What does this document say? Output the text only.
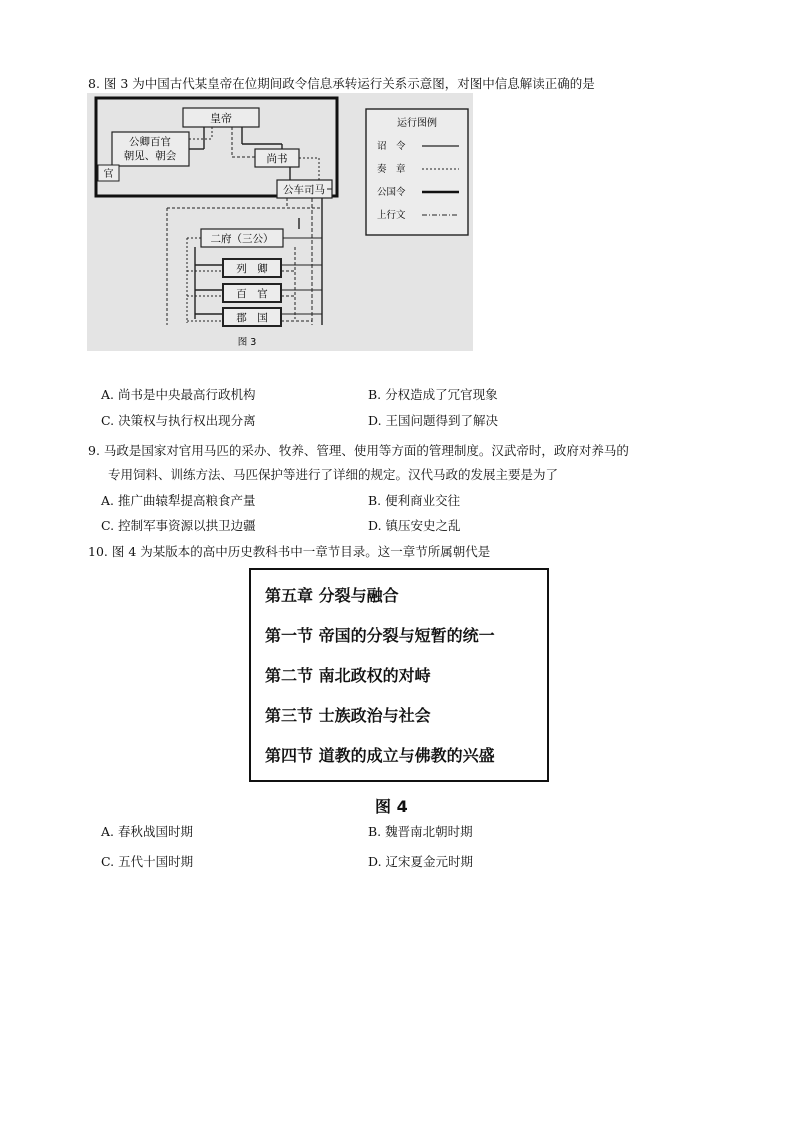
8. 图 3 为中国古代某皇帝在位期间政令信息承转运行关系示意图，对图中信息解读正确的是
皇帝
公卿百官
朝见、朝会
官
尚书
公车司马
二府（三公）
列　卿
百　官
郡　国
图 3
运行图例
诏　令
奏　章
公国令
上行文
A. 尚书是中央最高行政机构	B. 分权造成了冗官现象
C. 决策权与执行权出现分离	D. 王国问题得到了解决
9. 马政是国家对官用马匹的采办、牧养、管理、使用等方面的管理制度。汉武帝时，政府对养马的
专用饲料、训练方法、马匹保护等进行了详细的规定。汉代马政的发展主要是为了
A. 推广曲辕犁提高粮食产量	B. 便利商业交往
C. 控制军事资源以拱卫边疆	D. 镇压安史之乱
10. 图 4 为某版本的高中历史教科书中一章节目录。这一章节所属朝代是
第五章 分裂与融合
第一节 帝国的分裂与短暂的统一
第二节 南北政权的对峙
第三节 士族政治与社会
第四节 道教的成立与佛教的兴盛
图 4
A. 春秋战国时期	B. 魏晋南北朝时期
C. 五代十国时期	D. 辽宋夏金元时期
